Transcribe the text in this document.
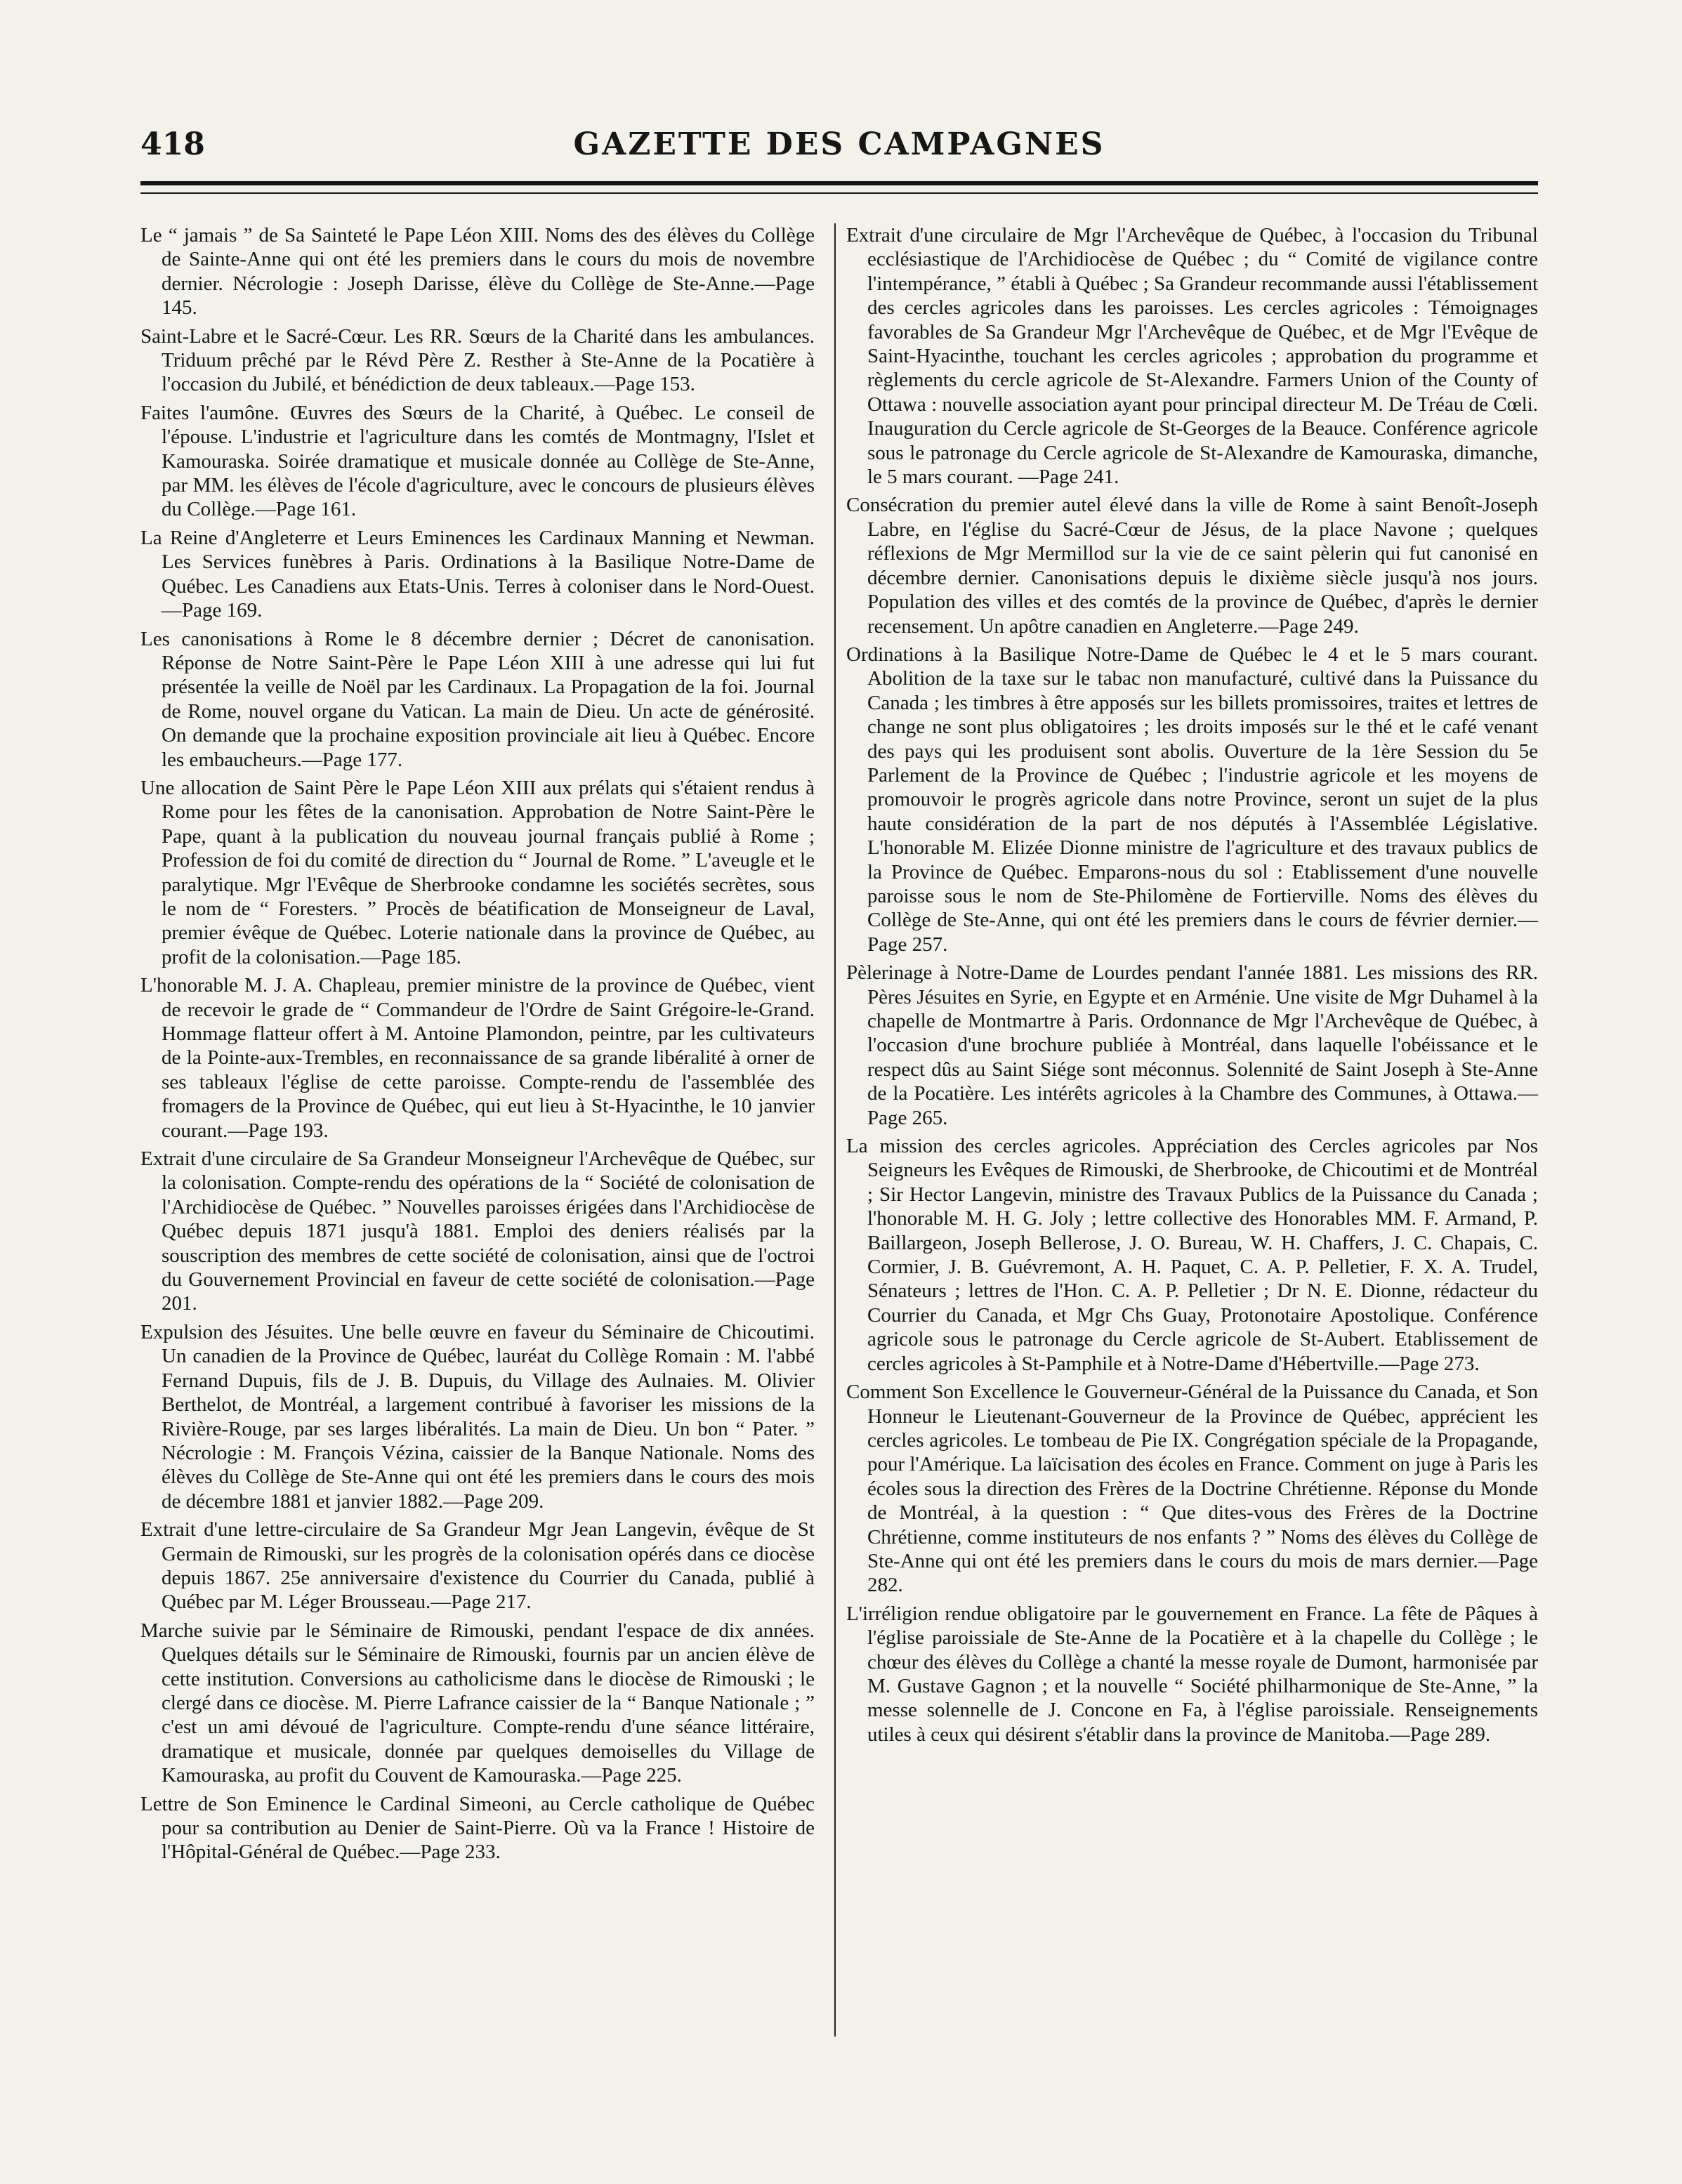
418	GAZETTE DES CAMPAGNES

Le “ jamais ” de Sa Sainteté le Pape Léon XIII. Noms des des élèves du Collège de Sainte-Anne qui ont été les premiers dans le cours du mois de novembre dernier. Nécrologie : Joseph Darisse, élève du Collège de Ste-Anne.—Page 145.

Saint-Labre et le Sacré-Cœur. Les RR. Sœurs de la Charité dans les ambulances. Triduum prêché par le Révd Père Z. Resther à Ste-Anne de la Pocatière à l'occasion du Jubilé, et bénédiction de deux tableaux.—Page 153.

Faites l'aumône. Œuvres des Sœurs de la Charité, à Québec. Le conseil de l'épouse. L'industrie et l'agriculture dans les comtés de Montmagny, l'Islet et Kamouraska. Soirée dramatique et musicale donnée au Collège de Ste-Anne, par MM. les élèves de l'école d'agriculture, avec le concours de plusieurs élèves du Collège.—Page 161.

La Reine d'Angleterre et Leurs Eminences les Cardinaux Manning et Newman. Les Services funèbres à Paris. Ordinations à la Basilique Notre-Dame de Québec. Les Canadiens aux Etats-Unis. Terres à coloniser dans le Nord-Ouest.—Page 169.

Les canonisations à Rome le 8 décembre dernier ; Décret de canonisation. Réponse de Notre Saint-Père le Pape Léon XIII à une adresse qui lui fut présentée la veille de Noël par les Cardinaux. La Propagation de la foi. Journal de Rome, nouvel organe du Vatican. La main de Dieu. Un acte de générosité. On demande que la prochaine exposition provinciale ait lieu à Québec. Encore les embaucheurs.—Page 177.

Une allocation de Saint Père le Pape Léon XIII aux prélats qui s'étaient rendus à Rome pour les fêtes de la canonisation. Approbation de Notre Saint-Père le Pape, quant à la publication du nouveau journal français publié à Rome ; Profession de foi du comité de direction du “ Journal de Rome. ” L'aveugle et le paralytique. Mgr l'Evêque de Sherbrooke condamne les sociétés secrètes, sous le nom de “ Foresters. ” Procès de béatification de Monseigneur de Laval, premier évêque de Québec. Loterie nationale dans la province de Québec, au profit de la colonisation.—Page 185.

L'honorable M. J. A. Chapleau, premier ministre de la province de Québec, vient de recevoir le grade de “ Commandeur de l'Ordre de Saint Grégoire-le-Grand. Hommage flatteur offert à M. Antoine Plamondon, peintre, par les cultivateurs de la Pointe-aux-Trembles, en reconnaissance de sa grande libéralité à orner de ses tableaux l'église de cette paroisse. Compte-rendu de l'assemblée des fromagers de la Province de Québec, qui eut lieu à St-Hyacinthe, le 10 janvier courant.—Page 193.

Extrait d'une circulaire de Sa Grandeur Monseigneur l'Archevêque de Québec, sur la colonisation. Compte-rendu des opérations de la “ Société de colonisation de l'Archidiocèse de Québec. ” Nouvelles paroisses érigées dans l'Archidiocèse de Québec depuis 1871 jusqu'à 1881. Emploi des deniers réalisés par la souscription des membres de cette société de colonisation, ainsi que de l'octroi du Gouvernement Provincial en faveur de cette société de colonisation.—Page 201.

Expulsion des Jésuites. Une belle œuvre en faveur du Séminaire de Chicoutimi. Un canadien de la Province de Québec, lauréat du Collège Romain : M. l'abbé Fernand Dupuis, fils de J. B. Dupuis, du Village des Aulnaies. M. Olivier Berthelot, de Montréal, a largement contribué à favoriser les missions de la Rivière-Rouge, par ses larges libéralités. La main de Dieu. Un bon “ Pater. ” Nécrologie : M. François Vézina, caissier de la Banque Nationale. Noms des élèves du Collège de Ste-Anne qui ont été les premiers dans le cours des mois de décembre 1881 et janvier 1882.—Page 209.

Extrait d'une lettre-circulaire de Sa Grandeur Mgr Jean Langevin, évêque de St Germain de Rimouski, sur les progrès de la colonisation opérés dans ce diocèse depuis 1867. 25e anniversaire d'existence du Courrier du Canada, publié à Québec par M. Léger Brousseau.—Page 217.

Marche suivie par le Séminaire de Rimouski, pendant l'espace de dix années. Quelques détails sur le Séminaire de Rimouski, fournis par un ancien élève de cette institution. Conversions au catholicisme dans le diocèse de Rimouski ; le clergé dans ce diocèse. M. Pierre Lafrance caissier de la “ Banque Nationale ; ” c'est un ami dévoué de l'agriculture. Compte-rendu d'une séance littéraire, dramatique et musicale, donnée par quelques demoiselles du Village de Kamouraska, au profit du Couvent de Kamouraska.—Page 225.

Lettre de Son Eminence le Cardinal Simeoni, au Cercle catholique de Québec pour sa contribution au Denier de Saint-Pierre. Où va la France ! Histoire de l'Hôpital-Général de Québec.—Page 233.

Extrait d'une circulaire de Mgr l'Archevêque de Québec, à l'occasion du Tribunal ecclésiastique de l'Archidiocèse de Québec ; du “ Comité de vigilance contre l'intempérance, ” établi à Québec ; Sa Grandeur recommande aussi l'établissement des cercles agricoles dans les paroisses. Les cercles agricoles : Témoignages favorables de Sa Grandeur Mgr l'Archevêque de Québec, et de Mgr l'Evêque de Saint-Hyacinthe, touchant les cercles agricoles ; approbation du programme et règlements du cercle agricole de St-Alexandre. Farmers Union of the County of Ottawa : nouvelle association ayant pour principal directeur M. De Tréau de Cœli. Inauguration du Cercle agricole de St-Georges de la Beauce. Conférence agricole sous le patronage du Cercle agricole de St-Alexandre de Kamouraska, dimanche, le 5 mars courant. —Page 241.

Consécration du premier autel élevé dans la ville de Rome à saint Benoît-Joseph Labre, en l'église du Sacré-Cœur de Jésus, de la place Navone ; quelques réflexions de Mgr Mermillod sur la vie de ce saint pèlerin qui fut canonisé en décembre dernier. Canonisations depuis le dixième siècle jusqu'à nos jours. Population des villes et des comtés de la province de Québec, d'après le dernier recensement. Un apôtre canadien en Angleterre.—Page 249.

Ordinations à la Basilique Notre-Dame de Québec le 4 et le 5 mars courant. Abolition de la taxe sur le tabac non manufacturé, cultivé dans la Puissance du Canada ; les timbres à être apposés sur les billets promissoires, traites et lettres de change ne sont plus obligatoires ; les droits imposés sur le thé et le café venant des pays qui les produisent sont abolis. Ouverture de la 1ère Session du 5e Parlement de la Province de Québec ; l'industrie agricole et les moyens de promouvoir le progrès agricole dans notre Province, seront un sujet de la plus haute considération de la part de nos députés à l'Assemblée Législative. L'honorable M. Elizée Dionne ministre de l'agriculture et des travaux publics de la Province de Québec. Emparons-nous du sol : Etablissement d'une nouvelle paroisse sous le nom de Ste-Philomène de Fortierville. Noms des élèves du Collège de Ste-Anne, qui ont été les premiers dans le cours de février dernier.—Page 257.

Pèlerinage à Notre-Dame de Lourdes pendant l'année 1881. Les missions des RR. Pères Jésuites en Syrie, en Egypte et en Arménie. Une visite de Mgr Duhamel à la chapelle de Montmartre à Paris. Ordonnance de Mgr l'Archevêque de Québec, à l'occasion d'une brochure publiée à Montréal, dans laquelle l'obéissance et le respect dûs au Saint Siége sont méconnus. Solennité de Saint Joseph à Ste-Anne de la Pocatière. Les intérêts agricoles à la Chambre des Communes, à Ottawa.—Page 265.

La mission des cercles agricoles. Appréciation des Cercles agricoles par Nos Seigneurs les Evêques de Rimouski, de Sherbrooke, de Chicoutimi et de Montréal ; Sir Hector Langevin, ministre des Travaux Publics de la Puissance du Canada ; l'honorable M. H. G. Joly ; lettre collective des Honorables MM. F. Armand, P. Baillargeon, Joseph Bellerose, J. O. Bureau, W. H. Chaffers, J. C. Chapais, C. Cormier, J. B. Guévremont, A. H. Paquet, C. A. P. Pelletier, F. X. A. Trudel, Sénateurs ; lettres de l'Hon. C. A. P. Pelletier ; Dr N. E. Dionne, rédacteur du Courrier du Canada, et Mgr Chs Guay, Protonotaire Apostolique. Conférence agricole sous le patronage du Cercle agricole de St-Aubert. Etablissement de cercles agricoles à St-Pamphile et à Notre-Dame d'Hébertville.—Page 273.

Comment Son Excellence le Gouverneur-Général de la Puissance du Canada, et Son Honneur le Lieutenant-Gouverneur de la Province de Québec, apprécient les cercles agricoles. Le tombeau de Pie IX. Congrégation spéciale de la Propagande, pour l'Amérique. La laïcisation des écoles en France. Comment on juge à Paris les écoles sous la direction des Frères de la Doctrine Chrétienne. Réponse du Monde de Montréal, à la question : “ Que dites-vous des Frères de la Doctrine Chrétienne, comme instituteurs de nos enfants ? ” Noms des élèves du Collège de Ste-Anne qui ont été les premiers dans le cours du mois de mars dernier.—Page 282.

L'irréligion rendue obligatoire par le gouvernement en France. La fête de Pâques à l'église paroissiale de Ste-Anne de la Pocatière et à la chapelle du Collège ; le chœur des élèves du Collège a chanté la messe royale de Dumont, harmonisée par M. Gustave Gagnon ; et la nouvelle “ Société philharmonique de Ste-Anne, ” la messe solennelle de J. Concone en Fa, à l'église paroissiale. Renseignements utiles à ceux qui désirent s'établir dans la province de Manitoba.—Page 289.
